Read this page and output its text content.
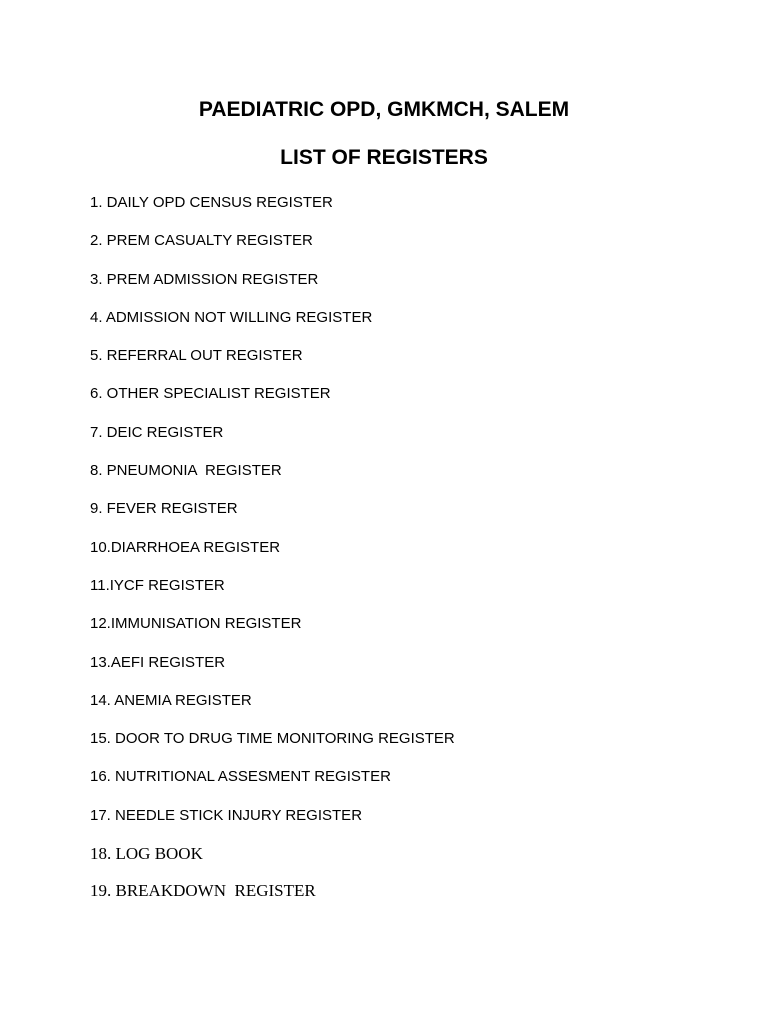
PAEDIATRIC OPD, GMKMCH, SALEM
LIST OF REGISTERS
1. DAILY OPD CENSUS REGISTER
2. PREM CASUALTY REGISTER
3. PREM ADMISSION REGISTER
4. ADMISSION NOT WILLING REGISTER
5. REFERRAL OUT REGISTER
6. OTHER SPECIALIST REGISTER
7. DEIC REGISTER
8. PNEUMONIA  REGISTER
9. FEVER REGISTER
10.DIARRHOEA REGISTER
11.IYCF REGISTER
12.IMMUNISATION REGISTER
13.AEFI REGISTER
14. ANEMIA REGISTER
15. DOOR TO DRUG TIME MONITORING REGISTER
16. NUTRITIONAL ASSESMENT REGISTER
17. NEEDLE STICK INJURY REGISTER
18. LOG BOOK
19. BREAKDOWN  REGISTER
